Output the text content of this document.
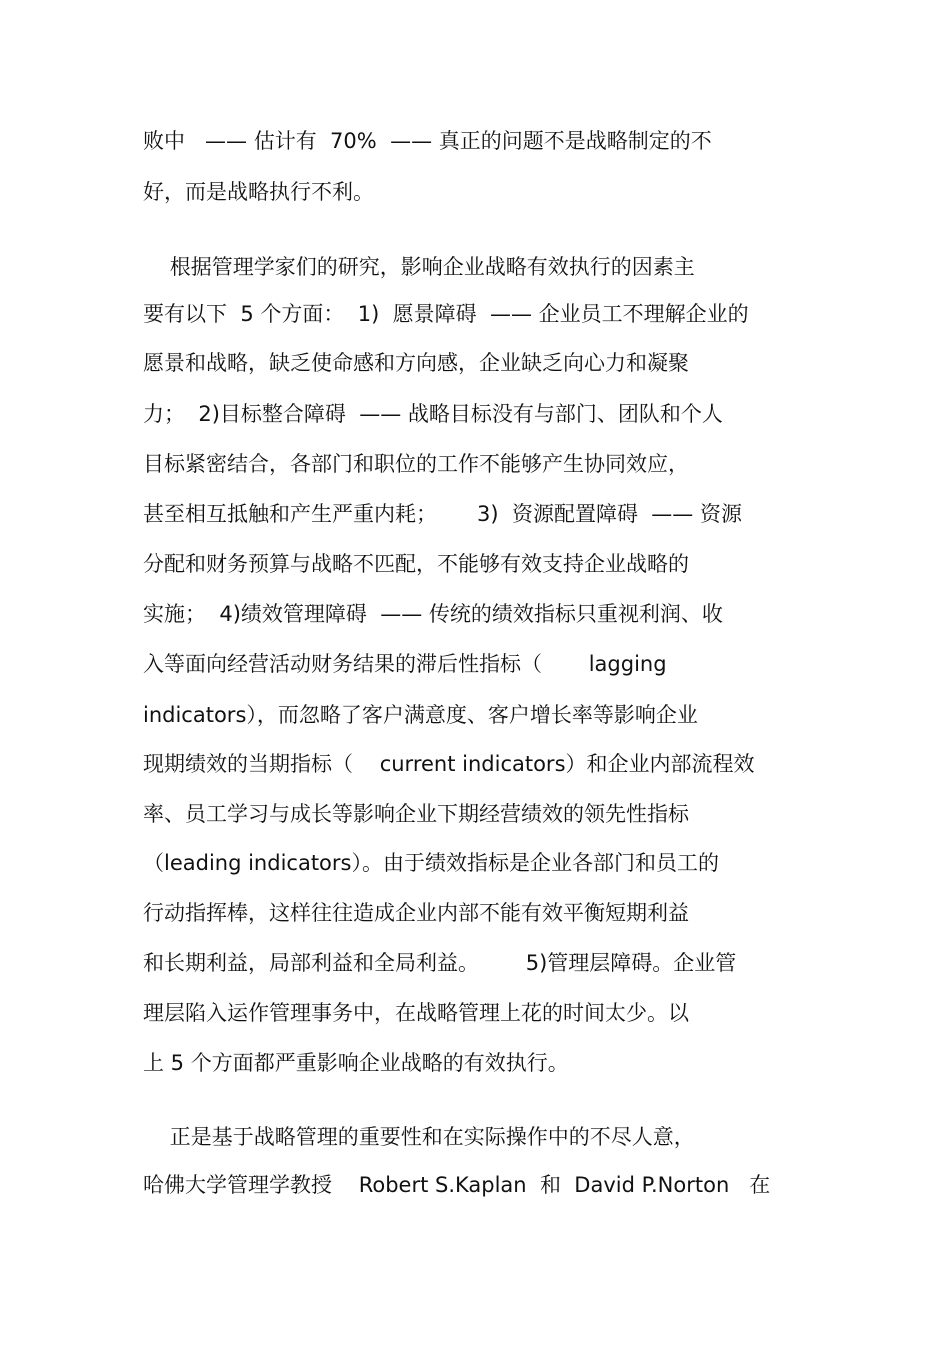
败中   —— 估计有  70%  —— 真正的问题不是战略制定的不
好，而是战略执行不利。
根据管理学家们的研究，影响企业战略有效执行的因素主
要有以下  5 个方面：  1)  愿景障碍  —— 企业员工不理解企业的
愿景和战略，缺乏使命感和方向感，企业缺乏向心力和凝聚
力；  2)目标整合障碍  —— 战略目标没有与部门、团队和个人
目标紧密结合，各部门和职位的工作不能够产生协同效应，
甚至相互抵触和产生严重内耗；      3)  资源配置障碍  —— 资源
分配和财务预算与战略不匹配，不能够有效支持企业战略的
实施；  4)绩效管理障碍  —— 传统的绩效指标只重视利润、收
入等面向经营活动财务结果的滞后性指标（       lagging
indicators），而忽略了客户满意度、客户增长率等影响企业
现期绩效的当期指标（    current indicators）和企业内部流程效
率、员工学习与成长等影响企业下期经营绩效的领先性指标
（leading indicators）。由于绩效指标是企业各部门和员工的
行动指挥棒，这样往往造成企业内部不能有效平衡短期利益
和长期利益，局部利益和全局利益。       5)管理层障碍。企业管
理层陷入运作管理事务中，在战略管理上花的时间太少。以
上 5 个方面都严重影响企业战略的有效执行。
正是基于战略管理的重要性和在实际操作中的不尽人意，
哈佛大学管理学教授    Robert S.Kaplan  和  David P.Norton   在
